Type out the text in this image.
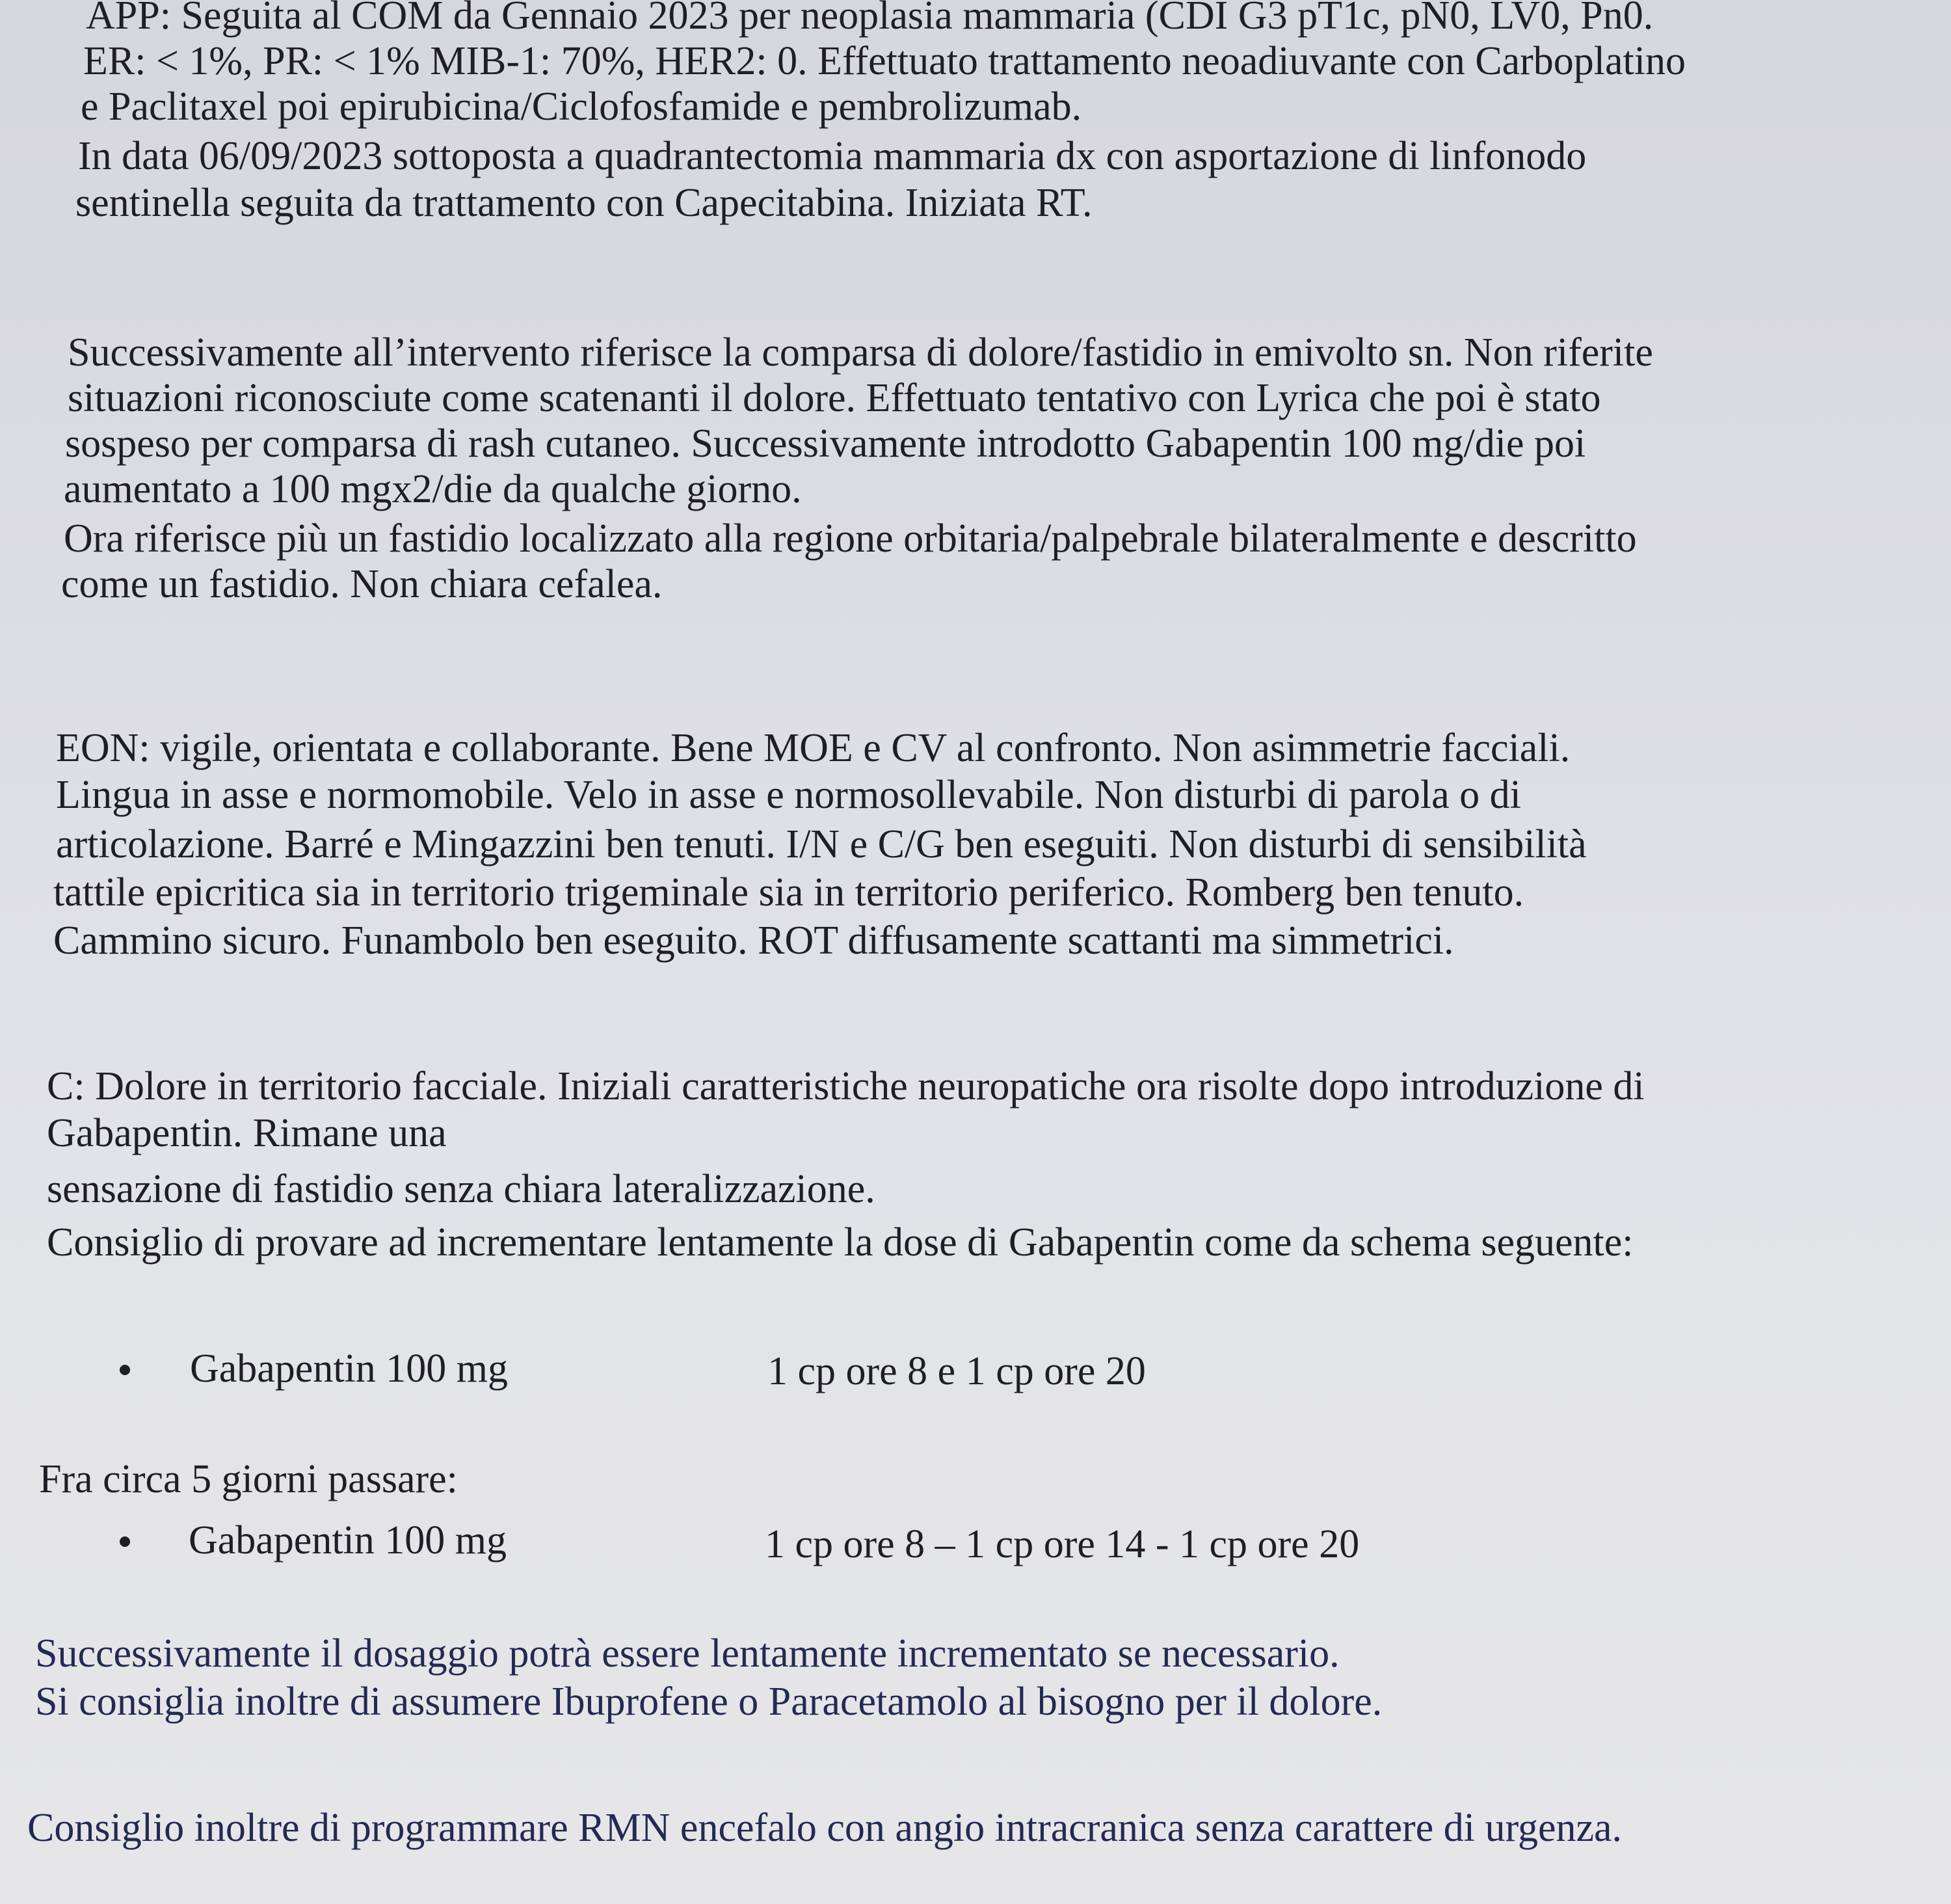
APP: Seguita al COM da Gennaio 2023 per neoplasia mammaria (CDI G3 pT1c, pN0, LV0, Pn0.
ER: < 1%, PR: < 1% MIB-1: 70%, HER2: 0. Effettuato trattamento neoadiuvante con Carboplatino
e Paclitaxel poi epirubicina/Ciclofosfamide e pembrolizumab.
In data 06/09/2023 sottoposta a quadrantectomia mammaria dx con asportazione di linfonodo
sentinella seguita da trattamento con Capecitabina. Iniziata RT.
Successivamente all’intervento riferisce la comparsa di dolore/fastidio in emivolto sn. Non riferite
situazioni riconosciute come scatenanti il dolore. Effettuato tentativo con Lyrica che poi è stato
sospeso per comparsa di rash cutaneo. Successivamente introdotto Gabapentin 100 mg/die poi
aumentato a 100 mgx2/die da qualche giorno.
Ora riferisce più un fastidio localizzato alla regione orbitaria/palpebrale bilateralmente e descritto
come un fastidio. Non chiara cefalea.
EON: vigile, orientata e collaborante. Bene MOE e CV al confronto. Non asimmetrie facciali.
Lingua in asse e normomobile. Velo in asse e normosollevabile. Non disturbi di parola o di
articolazione. Barré e Mingazzini ben tenuti. I/N e C/G ben eseguiti. Non disturbi di sensibilità
tattile epicritica sia in territorio trigeminale sia in territorio periferico. Romberg ben tenuto.
Cammino sicuro. Funambolo ben eseguito. ROT diffusamente scattanti ma simmetrici.
C: Dolore in territorio facciale. Iniziali caratteristiche neuropatiche ora risolte dopo introduzione di
Gabapentin. Rimane una
sensazione di fastidio senza chiara lateralizzazione.
Consiglio di provare ad incrementare lentamente la dose di Gabapentin come da schema seguente:
Gabapentin 100 mg	1 cp ore 8 e 1 cp ore 20
Fra circa 5 giorni passare:
Gabapentin 100 mg	1 cp ore 8 – 1 cp ore 14 - 1 cp ore 20
Successivamente il dosaggio potrà essere lentamente incrementato se necessario.
Si consiglia inoltre di assumere Ibuprofene o Paracetamolo al bisogno per il dolore.
Consiglio inoltre di programmare RMN encefalo con angio intracranica senza carattere di urgenza.
